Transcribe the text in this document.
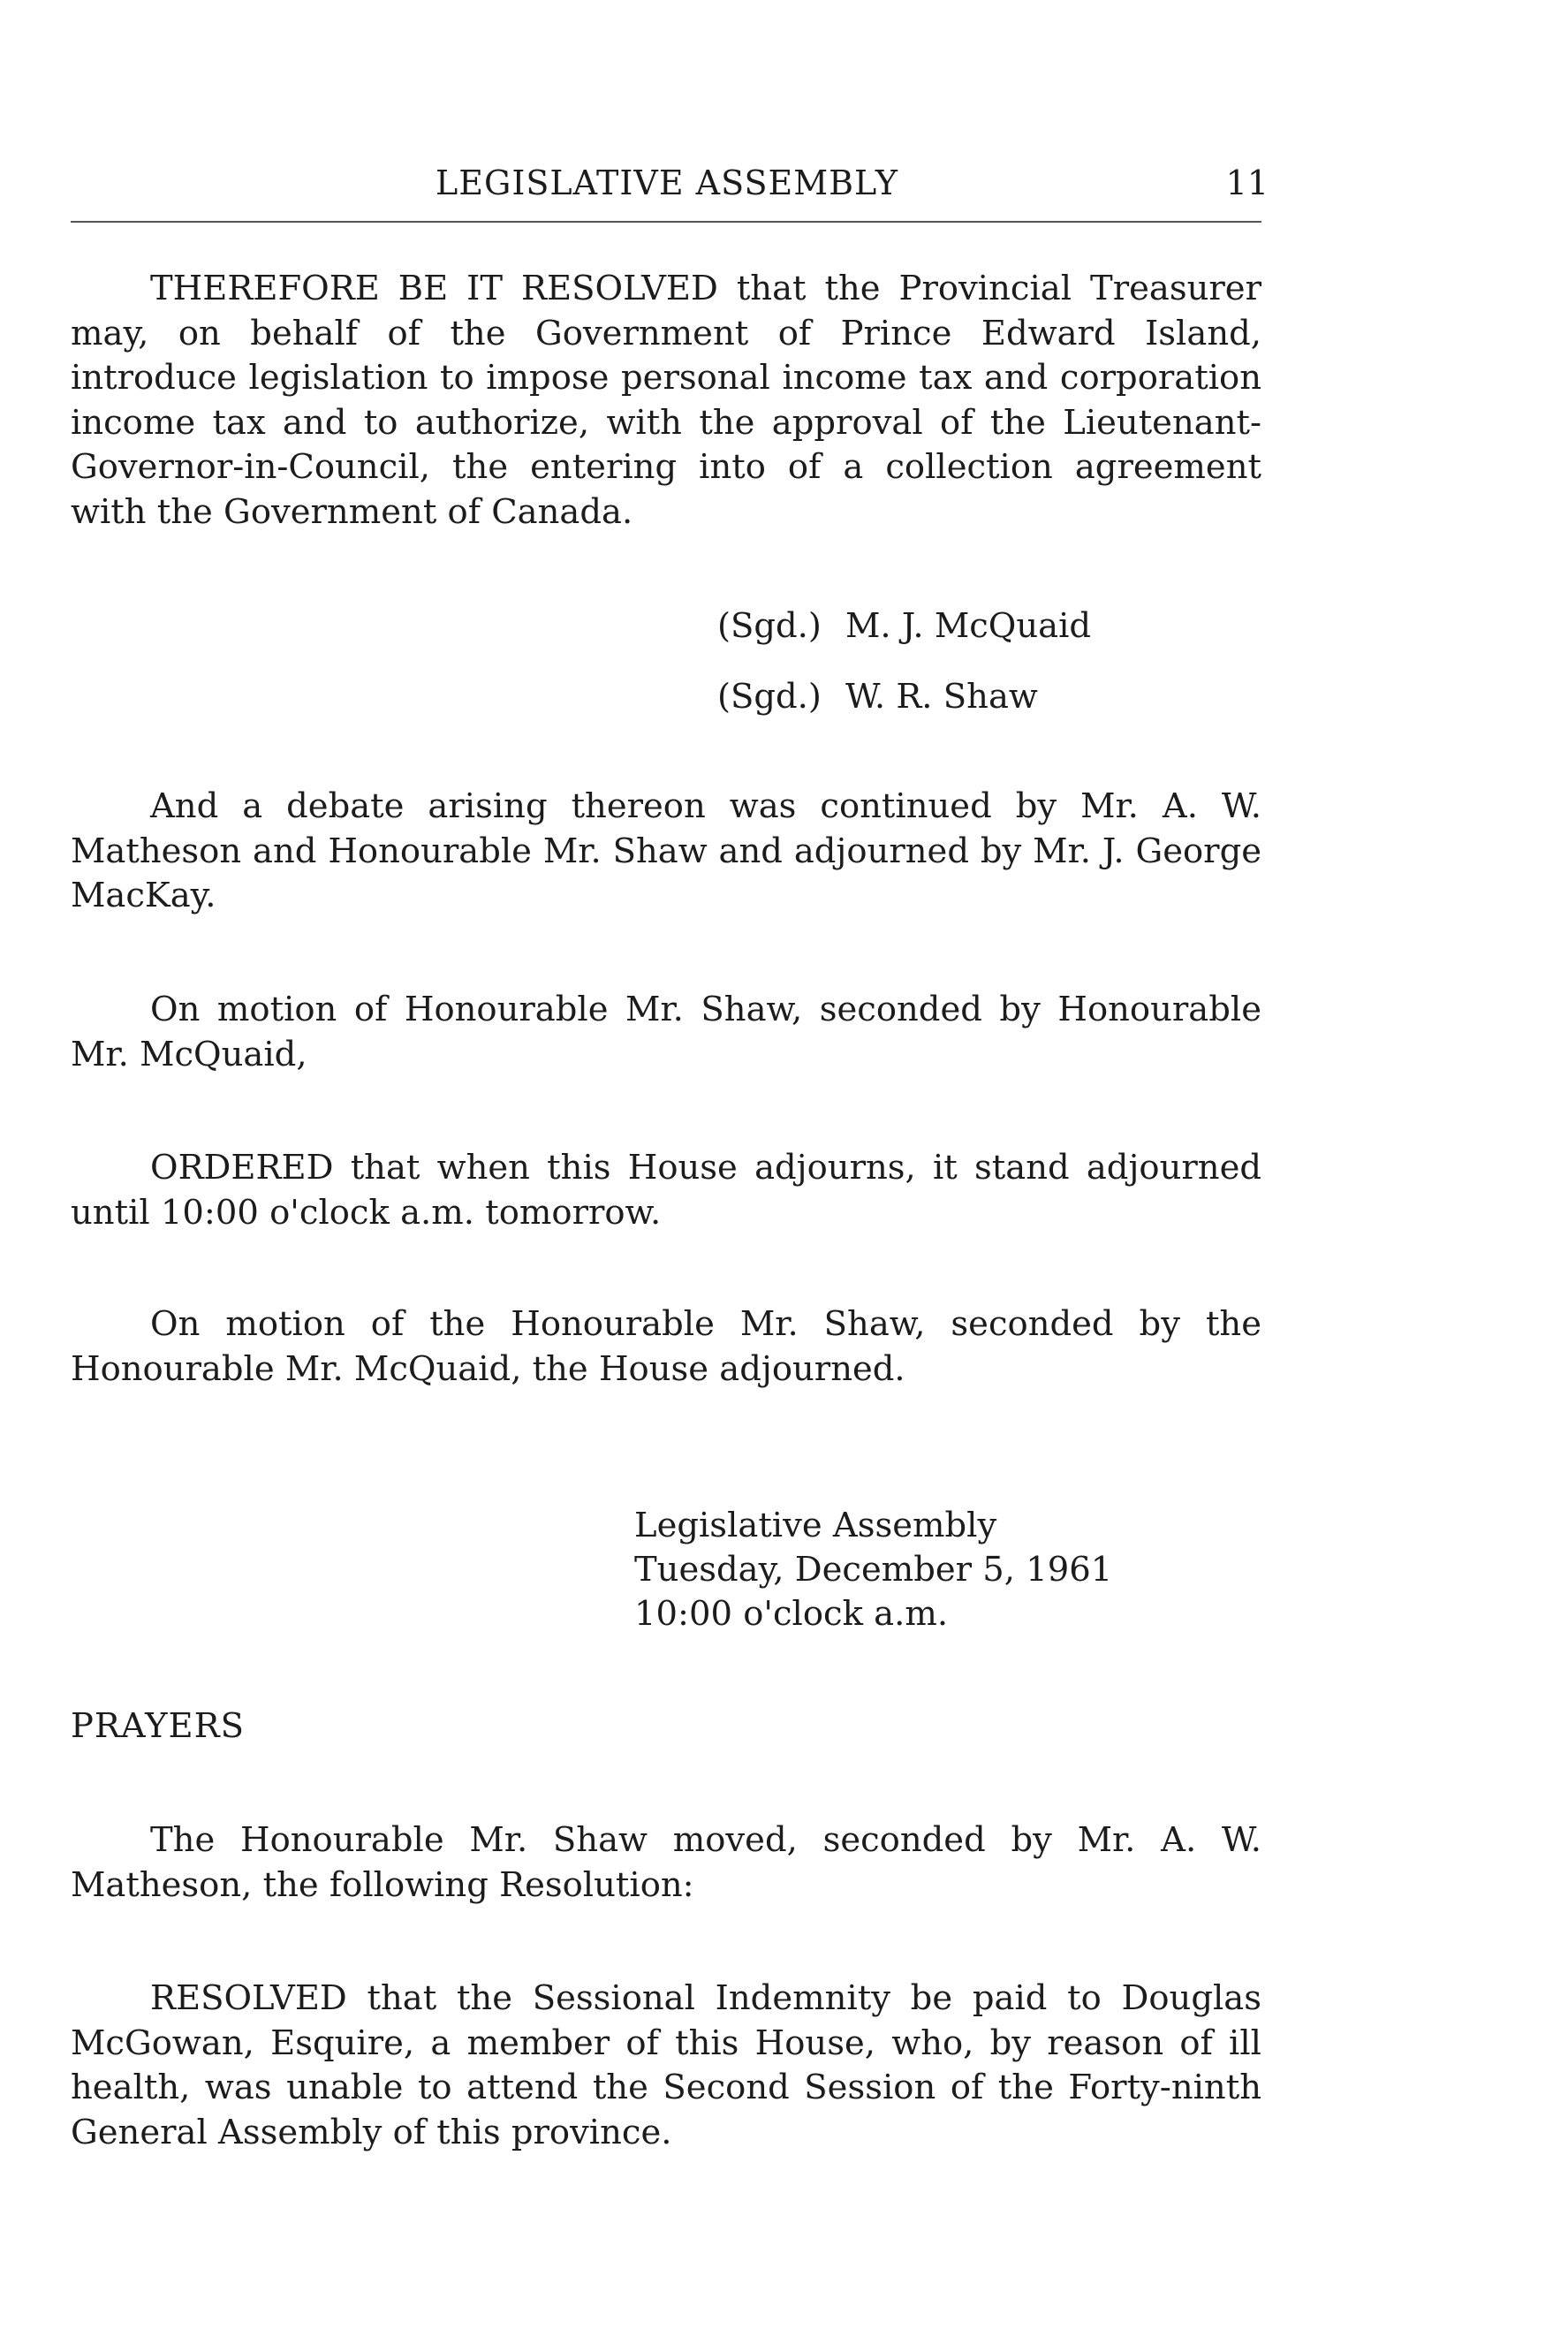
LEGISLATIVE ASSEMBLY	11

THEREFORE BE IT RESOLVED that the Provincial Treasurer may, on behalf of the Government of Prince Edward Island, introduce legislation to impose personal income tax and corporation income tax and to authorize, with the approval of the Lieutenant-Governor-in-Council, the entering into of a collection agreement with the Government of Canada.

(Sgd.) M. J. McQuaid
(Sgd.) W. R. Shaw

And a debate arising thereon was continued by Mr. A. W. Matheson and Honourable Mr. Shaw and adjourned by Mr. J. George MacKay.

On motion of Honourable Mr. Shaw, seconded by Honourable Mr. McQuaid,

ORDERED that when this House adjourns, it stand adjourned until 10:00 o'clock a.m. tomorrow.

On motion of the Honourable Mr. Shaw, seconded by the Honourable Mr. McQuaid, the House adjourned.

Legislative Assembly
Tuesday, December 5, 1961
10:00 o'clock a.m.
PRAYERS

The Honourable Mr. Shaw moved, seconded by Mr. A. W. Matheson, the following Resolution:

RESOLVED that the Sessional Indemnity be paid to Douglas McGowan, Esquire, a member of this House, who, by reason of ill health, was unable to attend the Second Session of the Forty-ninth General Assembly of this province.
